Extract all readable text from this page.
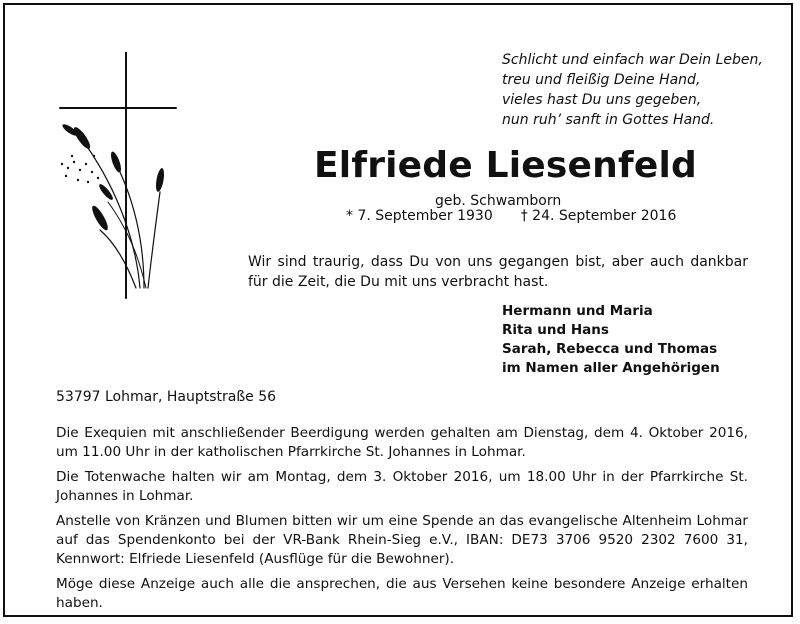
Schlicht und einfach war Dein Leben,
treu und fleißig Deine Hand,
vieles hast Du uns gegeben,
nun ruh’ sanft in Gottes Hand.
Elfriede Liesenfeld
geb. Schwamborn
* 7. September 1930 † 24. September 2016
Wir sind traurig, dass Du von uns gegangen bist, aber auch dankbar für die Zeit, die Du mit uns verbracht hast.
Hermann und Maria
Rita und Hans
Sarah, Rebecca und Thomas
im Namen aller Angehörigen
53797 Lohmar, Hauptstraße 56

Die Exequien mit anschließender Beerdigung werden gehalten am Dienstag, dem 4. Oktober 2016, um 11.00 Uhr in der katholischen Pfarrkirche St. Johannes in Lohmar.

Die Totenwache halten wir am Montag, dem 3. Oktober 2016, um 18.00 Uhr in der Pfarrkirche St. Johannes in Lohmar.

Anstelle von Kränzen und Blumen bitten wir um eine Spende an das evangelische Altenheim Lohmar auf das Spendenkonto bei der VR-Bank Rhein-Sieg e.V., IBAN: DE73 3706 9520 2302 7600 31, Kennwort: Elfriede Liesenfeld (Ausflüge für die Bewohner).

Möge diese Anzeige auch alle die ansprechen, die aus Versehen keine besondere Anzeige erhalten haben.
